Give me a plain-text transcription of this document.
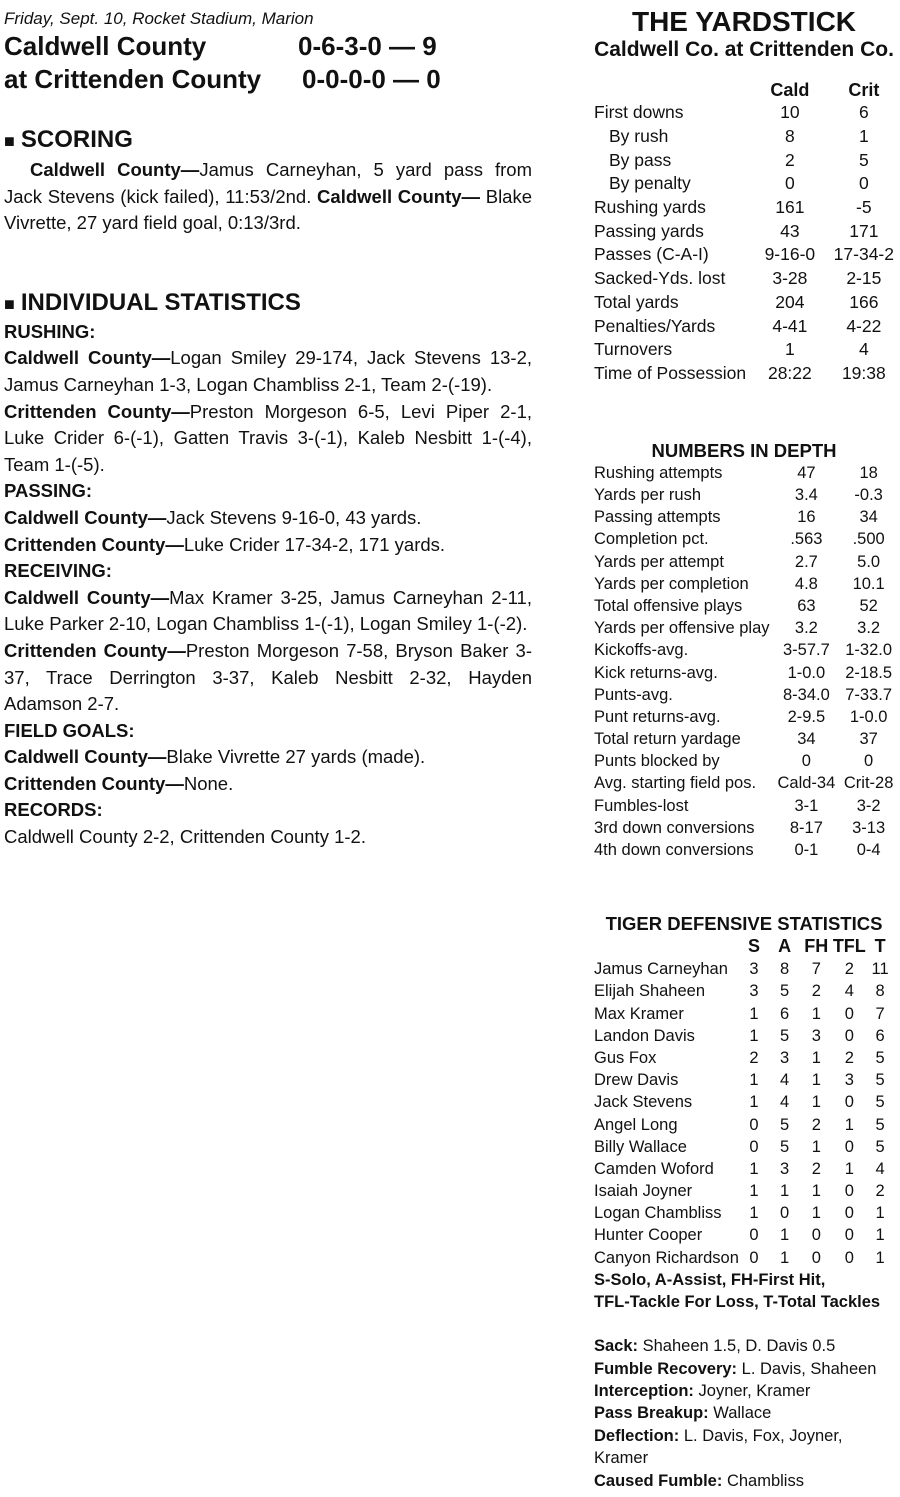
Friday, Sept. 10, Rocket Stadium, Marion
Caldwell County	0-6-3-0 — 9
at Crittenden County 0-0-0-0 — 0
■ SCORING
Caldwell County—Jamus Carneyhan, 5 yard pass from Jack Stevens (kick failed), 11:53/2nd. Caldwell County— Blake Vivrette, 27 yard field goal, 0:13/3rd.
■ INDIVIDUAL STATISTICS
RUSHING:
Caldwell County—Logan Smiley 29-174, Jack Stevens 13-2, Jamus Carneyhan 1-3, Logan Chambliss 2-1, Team 2-(-19).
Crittenden County—Preston Morgeson 6-5, Levi Piper 2-1, Luke Crider 6-(-1), Gatten Travis 3-(-1), Kaleb Nesbitt 1-(-4), Team 1-(-5).
PASSING:
Caldwell County—Jack Stevens 9-16-0, 43 yards.
Crittenden County—Luke Crider 17-34-2, 171 yards.
RECEIVING:
Caldwell County—Max Kramer 3-25, Jamus Carneyhan 2-11, Luke Parker 2-10, Logan Chambliss 1-(-1), Logan Smiley 1-(-2).
Crittenden County—Preston Morgeson 7-58, Bryson Baker 3-37, Trace Derrington 3-37, Kaleb Nesbitt 2-32, Hayden Adamson 2-7.
FIELD GOALS:
Caldwell County—Blake Vivrette 27 yards (made).
Crittenden County—None.
RECORDS:
Caldwell County 2-2, Crittenden County 1-2.
THE YARDSTICK
Caldwell Co. at Crittenden Co.
	Cald	Crit
First downs	10	6
By rush	8	1
By pass	2	5
By penalty	0	0
Rushing yards	161	-5
Passing yards	43	171
Passes (C-A-I)	9-16-0	17-34-2
Sacked-Yds. lost	3-28	2-15
Total yards	204	166
Penalties/Yards	4-41	4-22
Turnovers	1	4
Time of Possession	28:22	19:38
NUMBERS IN DEPTH
Rushing attempts	47	18
Yards per rush	3.4	-0.3
Passing attempts	16	34
Completion pct.	.563	.500
Yards per attempt	2.7	5.0
Yards per completion	4.8	10.1
Total offensive plays	63	52
Yards per offensive play	3.2	3.2
Kickoffs-avg.	3-57.7	1-32.0
Kick returns-avg.	1-0.0	2-18.5
Punts-avg.	8-34.0	7-33.7
Punt returns-avg.	2-9.5	1-0.0
Total return yardage	34	37
Punts blocked by	0	0
Avg. starting field pos.	Cald-34	Crit-28
Fumbles-lost	3-1	3-2
3rd down conversions	8-17	3-13
4th down conversions	0-1	0-4
TIGER DEFENSIVE STATISTICS
	S	A	FH	TFL	T
Jamus Carneyhan	3	8	7	2	11
Elijah Shaheen	3	5	2	4	8
Max Kramer	1	6	1	0	7
Landon Davis	1	5	3	0	6
Gus Fox	2	3	1	2	5
Drew Davis	1	4	1	3	5
Jack Stevens	1	4	1	0	5
Angel Long	0	5	2	1	5
Billy Wallace	0	5	1	0	5
Camden Woford	1	3	2	1	4
Isaiah Joyner	1	1	1	0	2
Logan Chambliss	1	0	1	0	1
Hunter Cooper	0	1	0	0	1
Canyon Richardson	0	1	0	0	1
S-Solo, A-Assist, FH-First Hit,
TFL-Tackle For Loss, T-Total Tackles
Sack: Shaheen 1.5, D. Davis 0.5
Fumble Recovery: L. Davis, Shaheen
Interception: Joyner, Kramer
Pass Breakup: Wallace
Deflection: L. Davis, Fox, Joyner, Kramer
Caused Fumble: Chambliss
